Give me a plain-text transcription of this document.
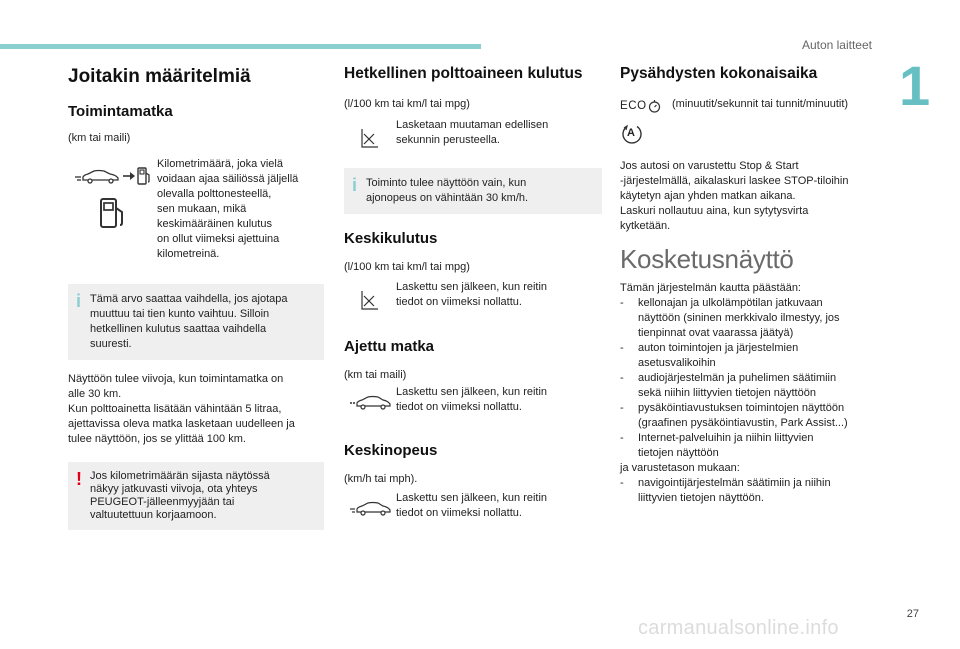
Auton laitteet
1
Joitakin määritelmiä
Toimintamatka

(km tai maili)

Kilometrimäärä, joka vielä
voidaan ajaa säiliössä jäljellä
olevalla polttonesteellä,
sen mukaan, mikä
keskimääräinen kulutus
on ollut viimeksi ajettuina
kilometreinä.
i Tämä arvo saattaa vaihdella, jos ajotapa
muuttuu tai tien kunto vaihtuu. Silloin
hetkellinen kulutus saattaa vaihdella
suuresti.

Näyttöön tulee viivoja, kun toimintamatka on

alle 30 km.

Kun polttoainetta lisätään vähintään 5 litraa,

ajettavissa oleva matka lasketaan uudelleen ja

tulee näyttöön, jos se ylittää 100 km.

! Jos kilometrimäärän sijasta näytössä
näkyy jatkuvasti viivoja, ota yhteys
PEUGEOT-jälleenmyyjään tai
valtuutettuun korjaamoon.
Hetkellinen polttoaineen kulutus

(l/100 km tai km/l tai mpg)

Lasketaan muutaman edellisen
sekunnin perusteella.
i Toiminto tulee näyttöön vain, kun
ajonopeus on vähintään 30 km/h.
Keskikulutus

(l/100 km tai km/l tai mpg)

Laskettu sen jälkeen, kun reitin
tiedot on viimeksi nollattu.
Ajettu matka

(km tai maili)

Laskettu sen jälkeen, kun reitin
tiedot on viimeksi nollattu.
Keskinopeus

(km/h tai mph).

Laskettu sen jälkeen, kun reitin
tiedot on viimeksi nollattu.
Pysähdysten kokonaisaika
ECO (minuutit/sekunnit tai tunnit/minuutit)
A

Jos autosi on varustettu Stop & Start

-järjestelmällä, aikalaskuri laskee STOP-tiloihin

käytetyn ajan yhden matkan aikana.

Laskuri nollautuu aina, kun sytytysvirta

kytketään.

Kosketusnäyttö

Tämän järjestelmän kautta päästään:

-	kellonajan ja ulkolämpötilan jatkuvaan

näyttöön (sininen merkkivalo ilmestyy, jos

tienpinnat ovat vaarassa jäätyä)

-	auton toimintojen ja järjestelmien

asetusvalikoihin

-	audiojärjestelmän ja puhelimen säätimiin

sekä niihin liittyvien tietojen näyttöön

-	pysäköintiavustuksen toimintojen näyttöön

(graafinen pysäköintiavustin, Park Assist...)

-	Internet-palveluihin ja niihin liittyvien

tietojen näyttöön

ja varustetason mukaan:

-	navigointijärjestelmän säätimiin ja niihin

liittyvien tietojen näyttöön.

27
carmanualsonline.info
